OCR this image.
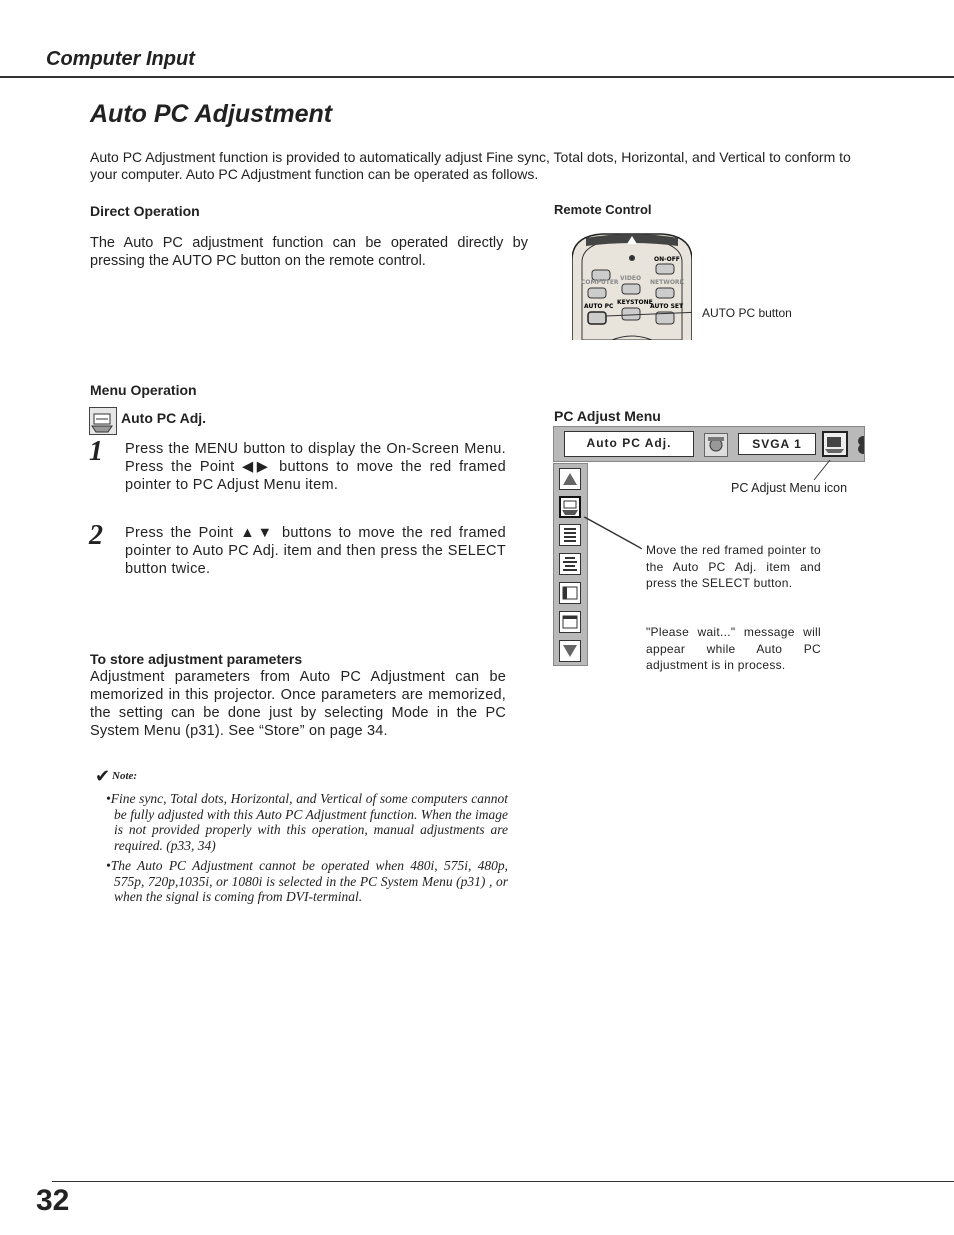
Computer Input
Auto PC Adjustment
Auto PC Adjustment function is provided to automatically adjust Fine sync, Total dots, Horizontal, and Vertical to conform to your computer. Auto PC Adjustment function can be operated as follows.
Direct Operation
The Auto PC adjustment function can be operated directly by pressing the AUTO PC button on the remote control.
Remote Control
ON-OFF
COMPUTER
VIDEO
NETWORK
AUTO PC
KEYSTONE
AUTO SET AUTO PC button
Menu Operation
Auto PC Adj.
1 Press the MENU button to display the On-Screen Menu. Press the Point ◀▶ buttons to move the red framed pointer to PC Adjust Menu item.
2 Press the Point ▲▼ buttons to move the red framed pointer to Auto PC Adj. item and then press the SELECT button twice.
To store adjustment parameters
Adjustment parameters from Auto PC Adjustment can be memorized in this projector. Once parameters are memorized, the setting can be done just by selecting Mode in the PC System Menu (p31). See “Store” on page 34.
✔ Note:
•Fine sync, Total dots, Horizontal, and Vertical of some computers cannot be fully adjusted with this Auto PC Adjustment function. When the image is not provided properly with this operation, manual adjustments are required. (p33, 34)
•The Auto PC Adjustment cannot be operated when 480i, 575i, 480p, 575p, 720p,1035i, or 1080i is selected in the PC System Menu (p31) , or when the signal is coming from DVI-terminal.
PC Adjust Menu
Auto PC Adj.	SVGA 1
PC Adjust Menu icon
Move the red framed pointer to the Auto PC Adj. item and press the SELECT button.
"Please wait..." message will appear while Auto PC adjustment is in process.
32
